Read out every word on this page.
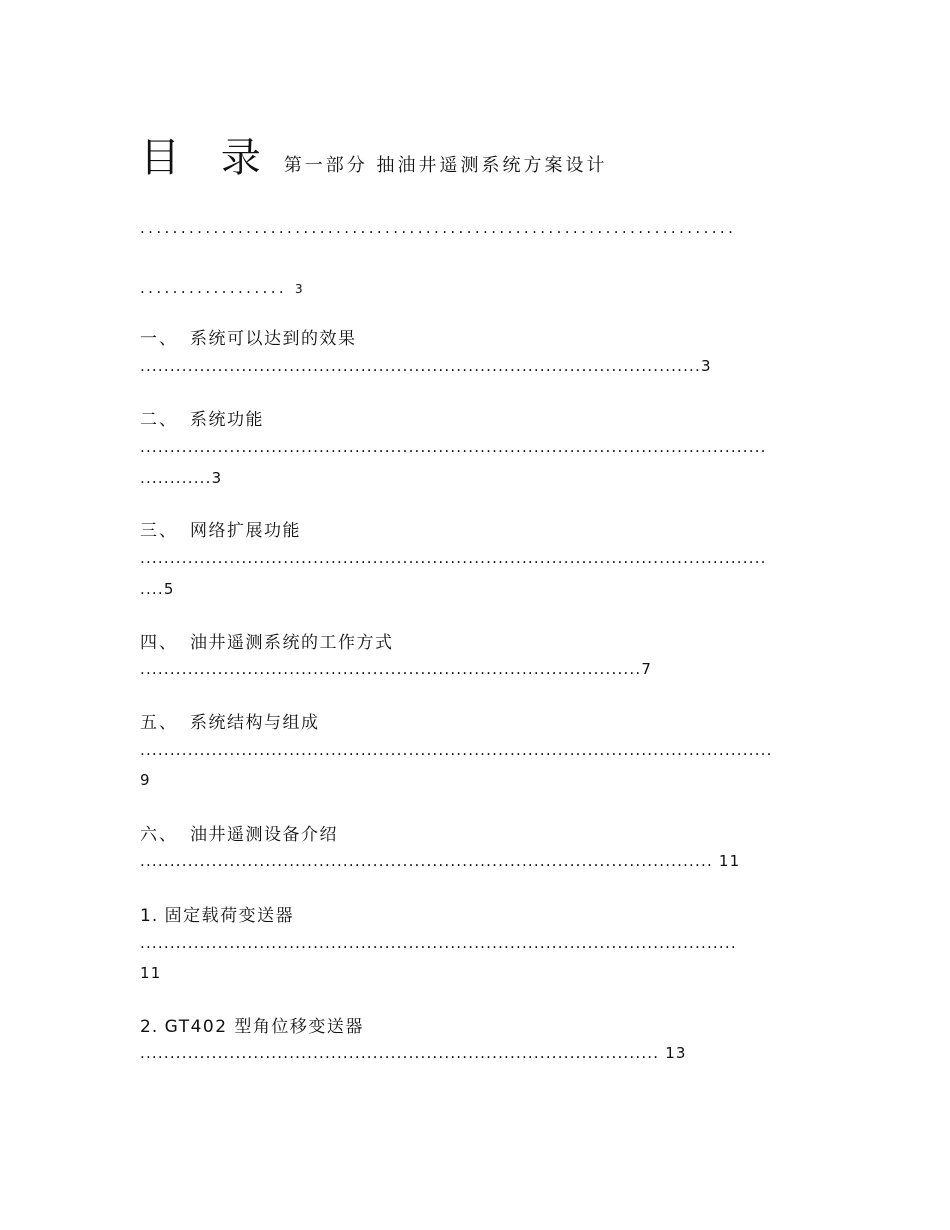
目 录 第一部分 抽油井遥测系统方案设计
.........................................................................
.................. 3
一、 系统可以达到的效果
..............................................................................................3
二、 系统功能
.........................................................................................................
............3
三、 网络扩展功能
.........................................................................................................
....5
四、 油井遥测系统的工作方式
....................................................................................7
五、 系统结构与组成
..........................................................................................................
9
六、 油井遥测设备介绍
................................................................................................ 11
1. 固定载荷变送器
....................................................................................................
11
2. GT402 型角位移变送器
....................................................................................... 13
